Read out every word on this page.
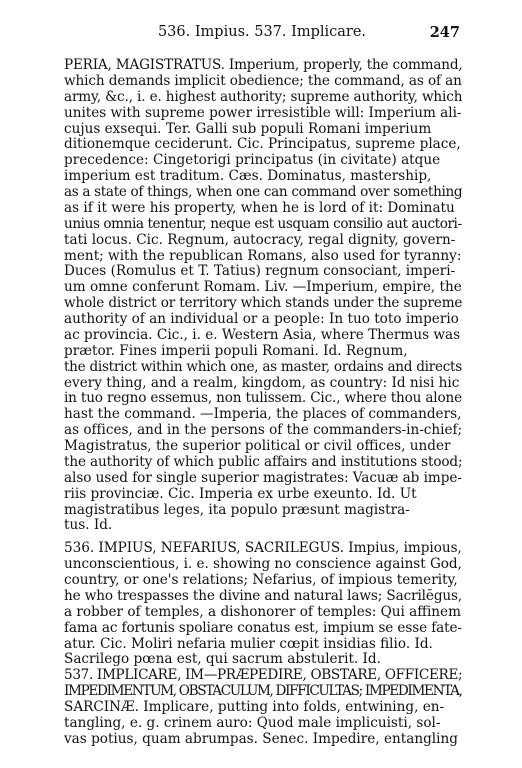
536. Impius. 537. Implicare.	247
PERIA, MAGISTRATUS. Imperium, properly, the command,
which demands implicit obedience; the command, as of an
army, &c., i. e. highest authority; supreme authority, which
unites with supreme power irresistible will: Imperium ali-
cujus exsequi. Ter. Galli sub populi Romani imperium
ditionemque ceciderunt. Cic. Principatus, supreme place,
precedence: Cingetorigi principatus (in civitate) atque
imperium est traditum. Cæs. Dominatus, mastership,
as a state of things, when one can command over something
as if it were his property, when he is lord of it: Dominatu
unius omnia tenentur, neque est usquam consilio aut auctori-
tati locus. Cic. Regnum, autocracy, regal dignity, govern-
ment; with the republican Romans, also used for tyranny:
Duces (Romulus et T. Tatius) regnum consociant, imperi-
um omne conferunt Romam. Liv. —Imperium, empire, the
whole district or territory which stands under the supreme
authority of an individual or a people: In tuo toto imperio
ac provincia. Cic., i. e. Western Asia, where Thermus was
prætor. Fines imperii populi Romani. Id. Regnum,
the district within which one, as master, ordains and directs
every thing, and a realm, kingdom, as country: Id nisi hic
in tuo regno essemus, non tulissem. Cic., where thou alone
hast the command. —Imperia, the places of commanders,
as offices, and in the persons of the commanders-in-chief;
Magistratus, the superior political or civil offices, under
the authority of which public affairs and institutions stood;
also used for single superior magistrates: Vacuæ ab impe-
riis provinciæ. Cic. Imperia ex urbe exeunto. Id. Ut
magistratibus leges, ita populo præsunt magistra-
tus. Id.
536. IMPIUS, NEFARIUS, SACRILEGUS. Impius, impious,
unconscientious, i. e. showing no conscience against God,
country, or one's relations; Nefarius, of impious temerity,
he who trespasses the divine and natural laws; Sacrilĕgus,
a robber of temples, a dishonorer of temples: Qui affinem
fama ac fortunis spoliare conatus est, impium se esse fate-
atur. Cic. Moliri nefaria mulier cœpit insidias filio. Id.
Sacrilego pœna est, qui sacrum abstulerit. Id.
537. IMPLICARE, IM—PRÆPEDIRE, OBSTARE, OFFICERE;
IMPEDIMENTUM, OBSTACULUM, DIFFICULTAS; IMPEDIMENTA,
SARCINÆ. Implicare, putting into folds, entwining, en-
tangling, e. g. crinem auro: Quod male implicuisti, sol-
vas potius, quam abrumpas. Senec. Impedire, entangling
